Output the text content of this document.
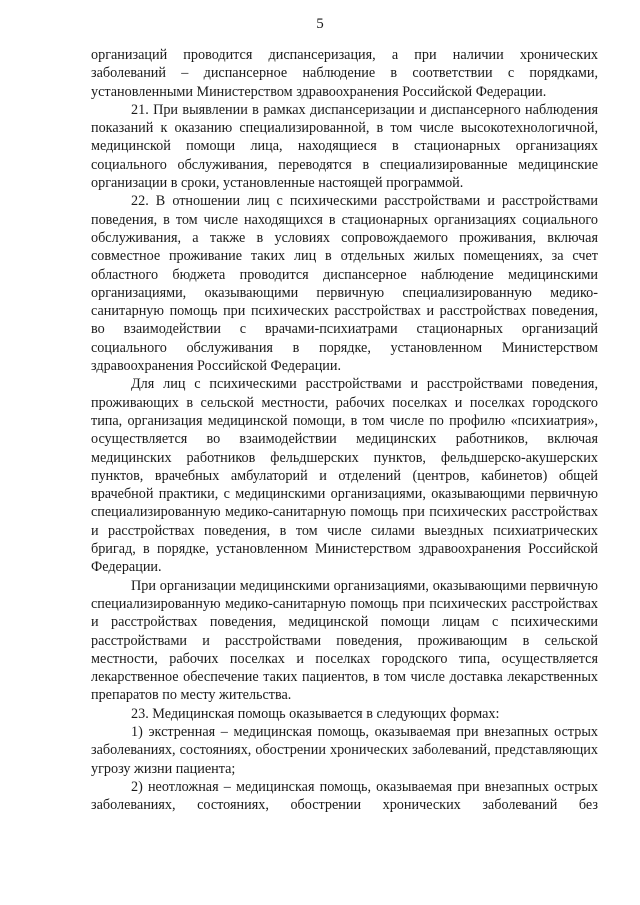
5

организаций проводится диспансеризация, а при наличии хронических заболеваний – диспансерное наблюдение в соответствии с порядками, установленными Министерством здравоохранения Российской Федерации.

21. При выявлении в рамках диспансеризации и диспансерного наблюдения показаний к оказанию специализированной, в том числе высокотехнологичной, медицинской помощи лица, находящиеся в стационарных организациях социального обслуживания, переводятся в специализированные медицинские организации в сроки, установленные настоящей программой.

22. В отношении лиц с психическими расстройствами и расстройствами поведения, в том числе находящихся в стационарных организациях социального обслуживания, а также в условиях сопровождаемого проживания, включая совместное проживание таких лиц в отдельных жилых помещениях, за счет областного бюджета проводится диспансерное наблюдение медицинскими организациями, оказывающими первичную специализированную медико-санитарную помощь при психических расстройствах и расстройствах поведения, во взаимодействии с врачами-психиатрами стационарных организаций социального обслуживания в порядке, установленном Министерством здравоохранения Российской Федерации.

Для лиц с психическими расстройствами и расстройствами поведения, проживающих в сельской местности, рабочих поселках и поселках городского типа, организация медицинской помощи, в том числе по профилю «психиатрия», осуществляется во взаимодействии медицинских работников, включая медицинских работников фельдшерских пунктов, фельдшерско-акушерских пунктов, врачебных амбулаторий и отделений (центров, кабинетов) общей врачебной практики, с медицинскими организациями, оказывающими первичную специализированную медико-санитарную помощь при психических расстройствах и расстройствах поведения, в том числе силами выездных психиатрических бригад, в порядке, установленном Министерством здравоохранения Российской Федерации.

При организации медицинскими организациями, оказывающими первичную специализированную медико-санитарную помощь при психических расстройствах и расстройствах поведения, медицинской помощи лицам с психическими расстройствами и расстройствами поведения, проживающим в сельской местности, рабочих поселках и поселках городского типа, осуществляется лекарственное обеспечение таких пациентов, в том числе доставка лекарственных препаратов по месту жительства.

23. Медицинская помощь оказывается в следующих формах:

1) экстренная – медицинская помощь, оказываемая при внезапных острых заболеваниях, состояниях, обострении хронических заболеваний, представляющих угрозу жизни пациента;

2) неотложная – медицинская помощь, оказываемая при внезапных острых заболеваниях, состояниях, обострении хронических заболеваний без
